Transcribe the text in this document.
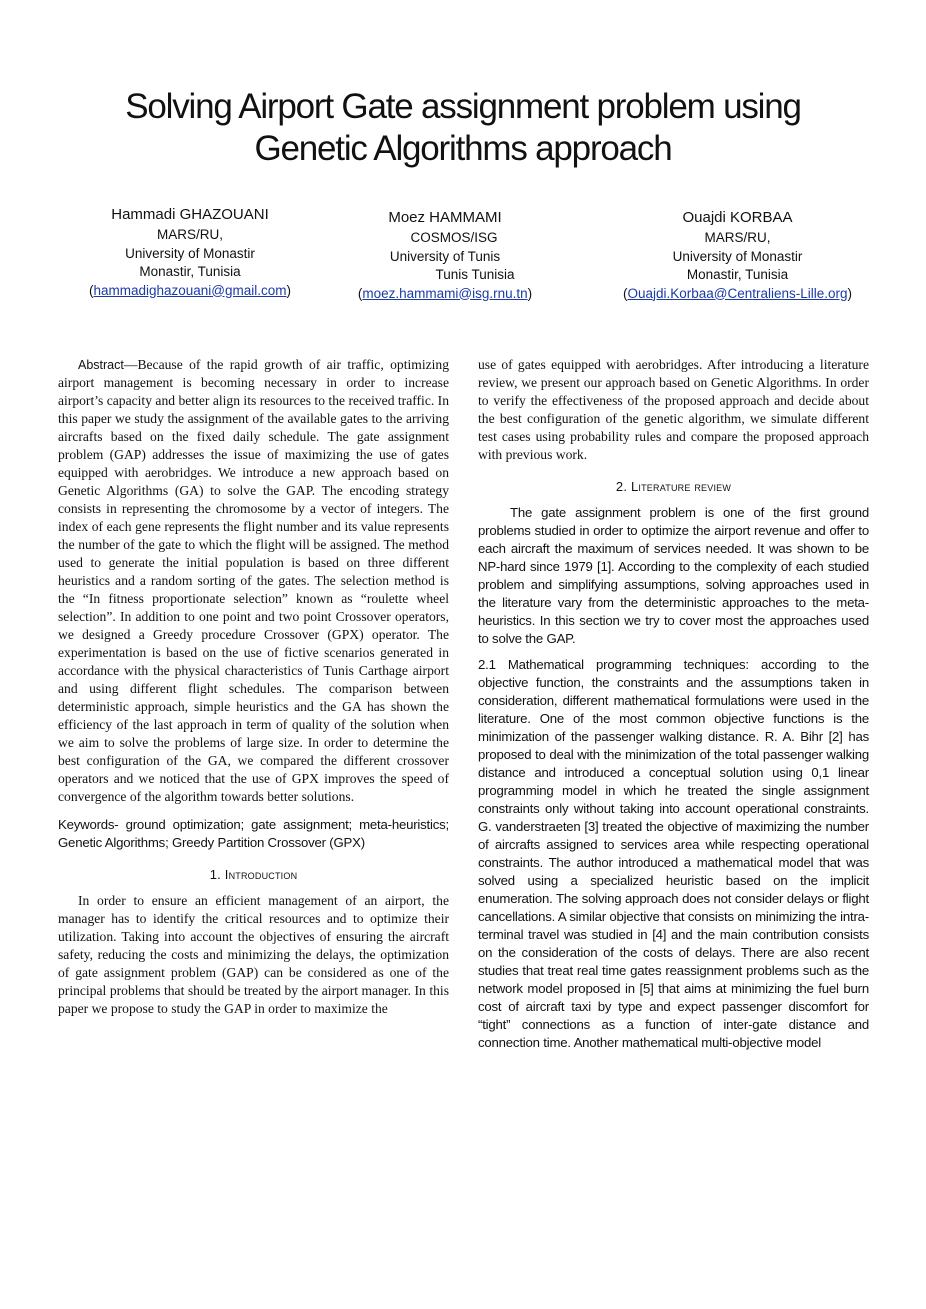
Solving Airport Gate assignment problem using
Genetic Algorithms approach
Hammadi GHAZOUANI
MARS/RU,
University of Monastir
Monastir, Tunisia
(hammadighazouani@gmail.com)
Moez HAMMAMI
COSMOS/ISG
University of Tunis
Tunis Tunisia
(moez.hammami@isg.rnu.tn)
Ouajdi KORBAA
MARS/RU,
University of Monastir
Monastir, Tunisia
(Ouajdi.Korbaa@Centraliens-Lille.org)

Abstract—Because of the rapid growth of air traffic, optimizing airport management is becoming necessary in order to increase airport’s capacity and better align its resources to the received traffic. In this paper we study the assignment of the available gates to the arriving aircrafts based on the fixed daily schedule. The gate assignment problem (GAP) addresses the issue of maximizing the use of gates equipped with aerobridges. We introduce a new approach based on Genetic Algorithms (GA) to solve the GAP. The encoding strategy consists in representing the chromosome by a vector of integers. The index of each gene represents the flight number and its value represents the number of the gate to which the flight will be assigned. The method used to generate the initial population is based on three different heuristics and a random sorting of the gates. The selection method is the “In fitness proportionate selection” known as “roulette wheel selection”. In addition to one point and two point Crossover operators, we designed a Greedy procedure Crossover (GPX) operator. The experimentation is based on the use of fictive scenarios generated in accordance with the physical characteristics of Tunis Carthage airport and using different flight schedules. The comparison between deterministic approach, simple heuristics and the GA has shown the efficiency of the last approach in term of quality of the solution when we aim to solve the problems of large size. In order to determine the best configuration of the GA, we compared the different crossover operators and we noticed that the use of GPX improves the speed of convergence of the algorithm towards better solutions.

Keywords- ground optimization; gate assignment; meta-heuristics; Genetic Algorithms; Greedy Partition Crossover (GPX)

1. Introduction

In order to ensure an efficient management of an airport, the manager has to identify the critical resources and to optimize their utilization. Taking into account the objectives of ensuring the aircraft safety, reducing the costs and minimizing the delays, the optimization of gate assignment problem (GAP) can be considered as one of the principal problems that should be treated by the airport manager. In this paper we propose to study the GAP in order to maximize the

use of gates equipped with aerobridges. After introducing a literature review, we present our approach based on Genetic Algorithms. In order to verify the effectiveness of the proposed approach and decide about the best configuration of the genetic algorithm, we simulate different test cases using probability rules and compare the proposed approach with previous work.

2. Literature review

The gate assignment problem is one of the first ground problems studied in order to optimize the airport revenue and offer to each aircraft the maximum of services needed. It was shown to be NP-hard since 1979 [1]. According to the complexity of each studied problem and simplifying assumptions, solving approaches used in the literature vary from the deterministic approaches to the meta-heuristics. In this section we try to cover most the approaches used to solve the GAP.

2.1 Mathematical programming techniques: according to the objective function, the constraints and the assumptions taken in consideration, different mathematical formulations were used in the literature. One of the most common objective functions is the minimization of the passenger walking distance. R. A. Bihr [2] has proposed to deal with the minimization of the total passenger walking distance and introduced a conceptual solution using 0,1 linear programming model in which he treated the single assignment constraints only without taking into account operational constraints. G. vanderstraeten [3] treated the objective of maximizing the number of aircrafts assigned to services area while respecting operational constraints. The author introduced a mathematical model that was solved using a specialized heuristic based on the implicit enumeration. The solving approach does not consider delays or flight cancellations. A similar objective that consists on minimizing the intra-terminal travel was studied in [4] and the main contribution consists on the consideration of the costs of delays. There are also recent studies that treat real time gates reassignment problems such as the network model proposed in [5] that aims at minimizing the fuel burn cost of aircraft taxi by type and expect passenger discomfort for “tight” connections as a function of inter-gate distance and connection time. Another mathematical multi-objective model
